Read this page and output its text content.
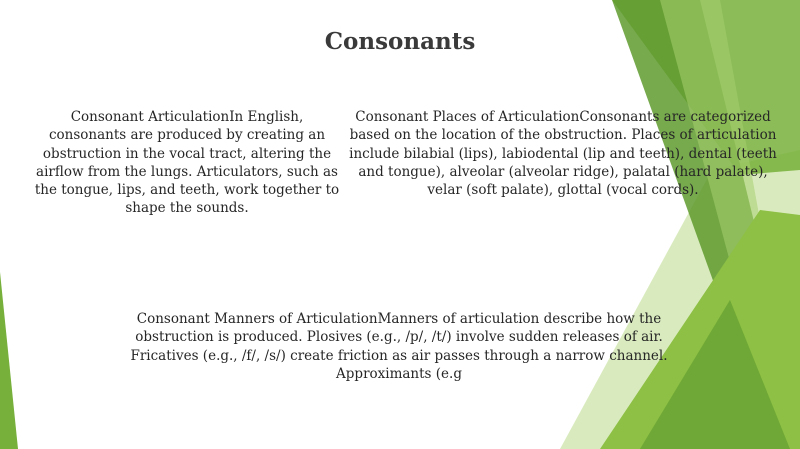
Consonants
Consonant ArticulationIn English, consonants are produced by creating an obstruction in the vocal tract, altering the airflow from the lungs. Articulators, such as the tongue, lips, and teeth, work together to shape the sounds.
Consonant Places of ArticulationConsonants are categorized based on the location of the obstruction. Places of articulation include bilabial (lips), labiodental (lip and teeth), dental (teeth and tongue), alveolar (alveolar ridge), palatal (hard palate), velar (soft palate), glottal (vocal cords).
Consonant Manners of ArticulationManners of articulation describe how the obstruction is produced. Plosives (e.g., /p/, /t/) involve sudden releases of air. Fricatives (e.g., /f/, /s/) create friction as air passes through a narrow channel. Approximants (e.g
